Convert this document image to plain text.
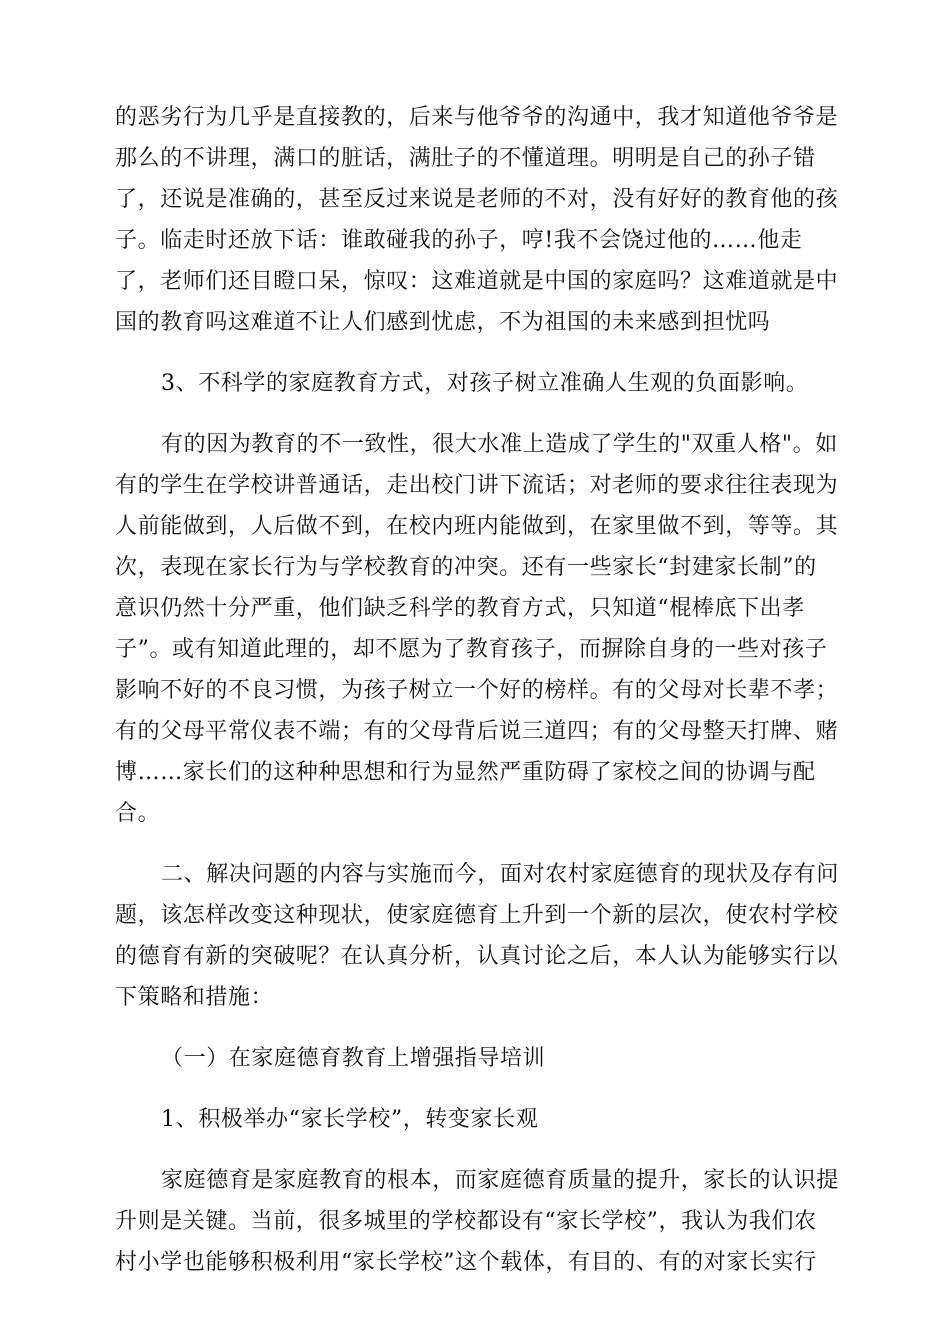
的恶劣行为几乎是直接教的，后来与他爷爷的沟通中，我才知道他爷爷是
那么的不讲理，满口的脏话，满肚子的不懂道理。明明是自己的孙子错
了，还说是准确的，甚至反过来说是老师的不对，没有好好的教育他的孩
子。临走时还放下话：谁敢碰我的孙子，哼!我不会饶过他的……他走
了，老师们还目瞪口呆，惊叹：这难道就是中国的家庭吗？这难道就是中
国的教育吗这难道不让人们感到忧虑，不为祖国的未来感到担忧吗
3、不科学的家庭教育方式，对孩子树立准确人生观的负面影响。
有的因为教育的不一致性，很大水准上造成了学生的"双重人格"。如
有的学生在学校讲普通话，走出校门讲下流话；对老师的要求往往表现为
人前能做到，人后做不到，在校内班内能做到，在家里做不到，等等。其
次，表现在家长行为与学校教育的冲突。还有一些家长“封建家长制”的
意识仍然十分严重，他们缺乏科学的教育方式，只知道“棍棒底下出孝
子”。或有知道此理的，却不愿为了教育孩子，而摒除自身的一些对孩子
影响不好的不良习惯，为孩子树立一个好的榜样。有的父母对长辈不孝；
有的父母平常仪表不端；有的父母背后说三道四；有的父母整天打牌、赌
博……家长们的这种种思想和行为显然严重防碍了家校之间的协调与配
合。
二、解决问题的内容与实施而今，面对农村家庭德育的现状及存有问
题，该怎样改变这种现状，使家庭德育上升到一个新的层次，使农村学校
的德育有新的突破呢？在认真分析，认真讨论之后，本人认为能够实行以
下策略和措施：
（一）在家庭德育教育上增强指导培训
1、积极举办“家长学校”，转变家长观
家庭德育是家庭教育的根本，而家庭德育质量的提升，家长的认识提
升则是关键。当前，很多城里的学校都设有“家长学校”，我认为我们农
村小学也能够积极利用“家长学校”这个载体，有目的、有的对家长实行
